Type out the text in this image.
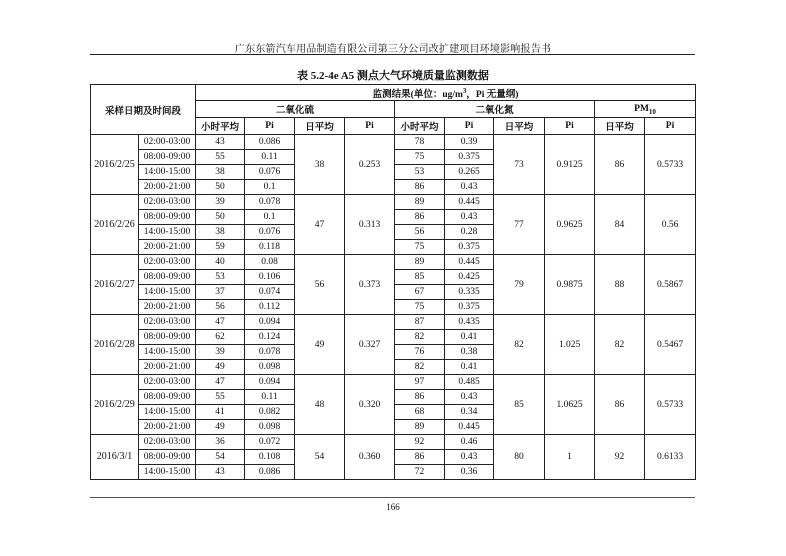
广东东箭汽车用品制造有限公司第三分公司改扩建项目环境影响报告书
表 5.2-4e A5 测点大气环境质量监测数据
采样日期及时间段		监测结果(单位：$ug/m^3$，Pi 无量纲)									
		二氧化硫				二氧化氮				$PM_{10}$
		小时平均	Pi	日平均	Pi	小时平均	Pi	日平均	Pi	日平均	Pi
2016/2/25	02:00-03:00	43	0.086	38	0.253	78	0.39	73	0.9125	86	0.5733
	08:00-09:00	55	0.11			75	0.375				
	14:00-15:00	38	0.076			53	0.265				
	20:00-21:00	50	0.1			86	0.43				
2016/2/26	02:00-03:00	39	0.078	47	0.313	89	0.445	77	0.9625	84	0.56
	08:00-09:00	50	0.1			86	0.43				
	14:00-15:00	38	0.076			56	0.28				
	20:00-21:00	59	0.118			75	0.375				
2016/2/27	02:00-03:00	40	0.08	56	0.373	89	0.445	79	0.9875	88	0.5867
	08:00-09:00	53	0.106			85	0.425				
	14:00-15:00	37	0.074			67	0.335				
	20:00-21:00	56	0.112			75	0.375				
2016/2/28	02:00-03:00	47	0.094	49	0.327	87	0.435	82	1.025	82	0.5467
	08:00-09:00	62	0.124			82	0.41				
	14:00-15:00	39	0.078			76	0.38				
	20:00-21:00	49	0.098			82	0.41				
2016/2/29	02:00-03:00	47	0.094	48	0.320	97	0.485	85	1.0625	86	0.5733
	08:00-09:00	55	0.11			86	0.43				
	14:00-15:00	41	0.082			68	0.34				
	20:00-21:00	49	0.098			89	0.445				
2016/3/1	02:00-03:00	36	0.072	54	0.360	92	0.46	80	1	92	0.6133
	08:00-09:00	54	0.108			86	0.43				
	14:00-15:00	43	0.086			72	0.36				
166
